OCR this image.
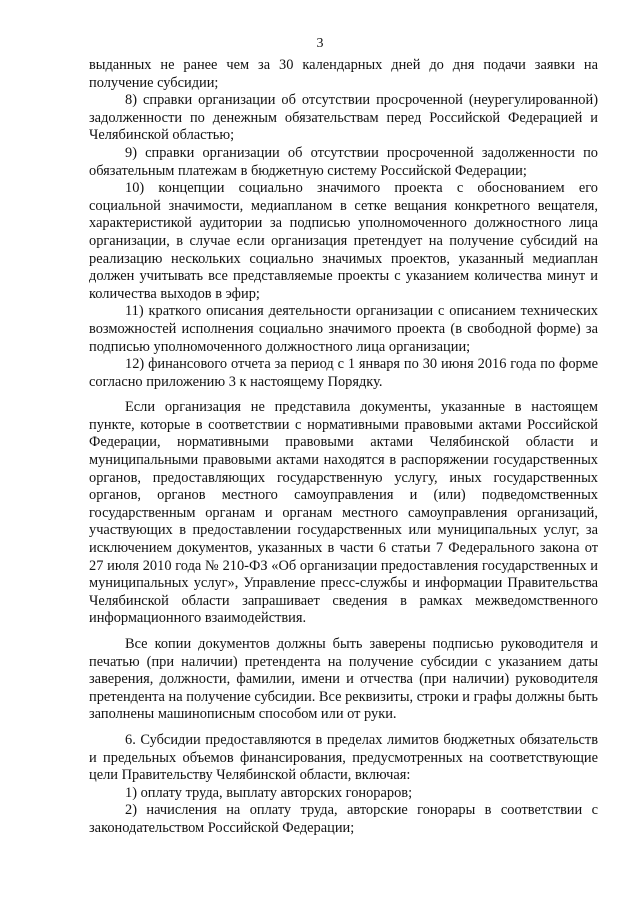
3

выданных не ранее чем за 30 календарных дней до дня подачи заявки на получение субсидии;

8) справки организации об отсутствии просроченной (неурегулированной) задолженности по денежным обязательствам перед Российской Федерацией и Челябинской областью;

9) справки организации об отсутствии просроченной задолженности по обязательным платежам в бюджетную систему Российской Федерации;

10) концепции социально значимого проекта с обоснованием его социальной значимости, медиапланом в сетке вещания конкретного вещателя, характеристикой аудитории за подписью уполномоченного должностного лица организации, в случае если организация претендует на получение субсидий на реализацию нескольких социально значимых проектов, указанный медиаплан должен учитывать все представляемые проекты с указанием количества минут и количества выходов в эфир;

11) краткого описания деятельности организации с описанием технических возможностей исполнения социально значимого проекта (в свободной форме) за подписью уполномоченного должностного лица организации;

12) финансового отчета за период с 1 января по 30 июня 2016 года по форме согласно приложению 3 к настоящему Порядку.

Если организация не представила документы, указанные в настоящем пункте, которые в соответствии с нормативными правовыми актами Российской Федерации, нормативными правовыми актами Челябинской области и муниципальными правовыми актами находятся в распоряжении государственных органов, предоставляющих государственную услугу, иных государственных органов, органов местного самоуправления и (или) подведомственных государственным органам и органам местного самоуправления организаций, участвующих в предоставлении государственных или муниципальных услуг, за исключением документов, указанных в части 6 статьи 7 Федерального закона от 27 июля 2010 года № 210-ФЗ «Об организации предоставления государственных и муниципальных услуг», Управление пресс-службы и информации Правительства Челябинской области запрашивает сведения в рамках межведомственного информационного взаимодействия.

Все копии документов должны быть заверены подписью руководителя и печатью (при наличии) претендента на получение субсидии с указанием даты заверения, должности, фамилии, имени и отчества (при наличии) руководителя претендента на получение субсидии. Все реквизиты, строки и графы должны быть заполнены машинописным способом или от руки.

6. Субсидии предоставляются в пределах лимитов бюджетных обязательств и предельных объемов финансирования, предусмотренных на соответствующие цели Правительству Челябинской области, включая:

1) оплату труда, выплату авторских гонораров;

2) начисления на оплату труда, авторские гонорары в соответствии с законодательством Российской Федерации;
